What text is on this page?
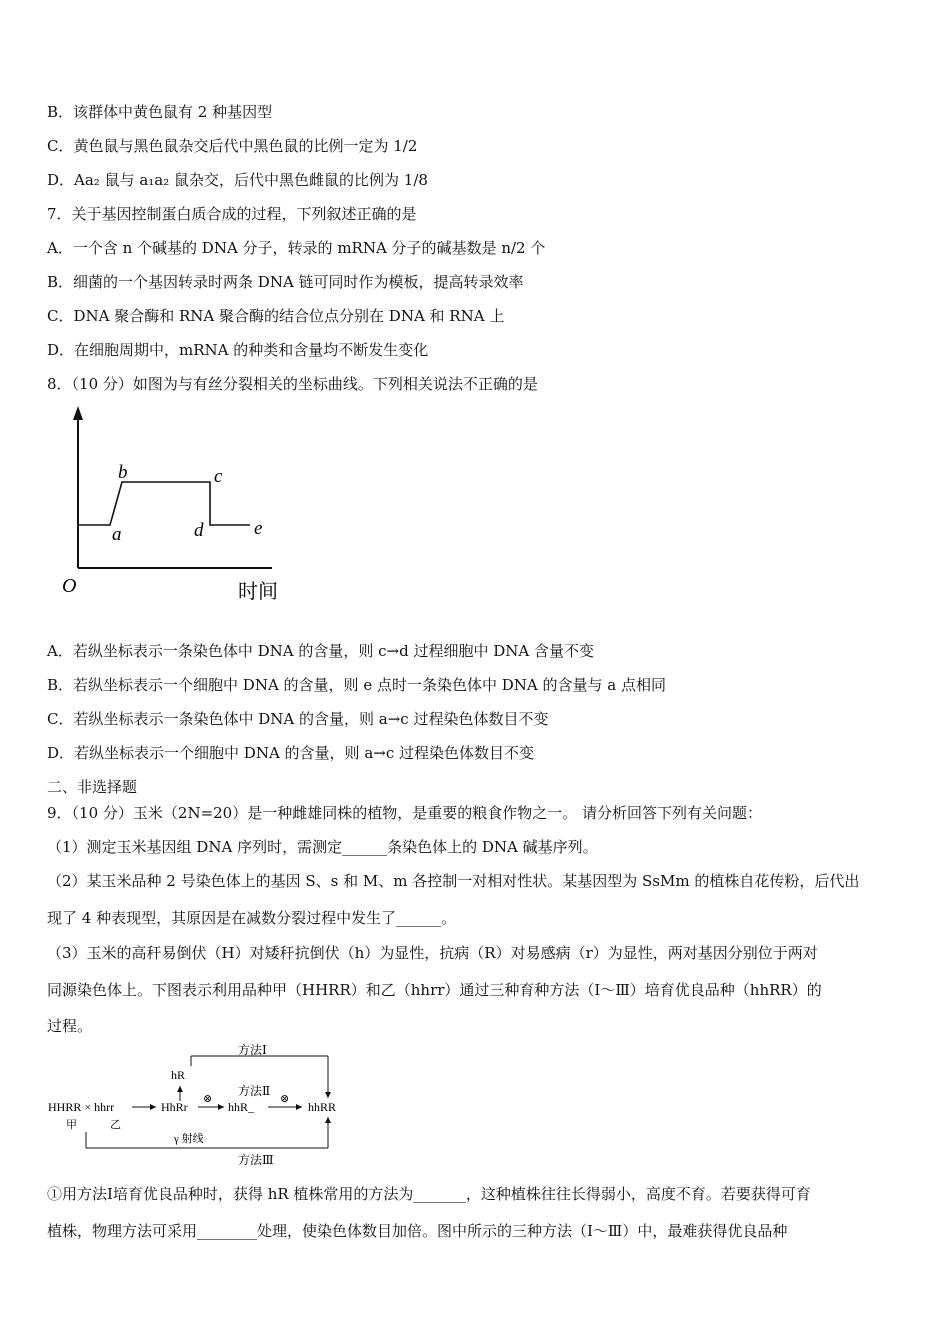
B．该群体中黄色鼠有 2 种基因型
C．黄色鼠与黑色鼠杂交后代中黑色鼠的比例一定为 1/2
D．Aa₂ 鼠与 a₁a₂ 鼠杂交，后代中黑色雌鼠的比例为 1/8
7．关于基因控制蛋白质合成的过程，下列叙述正确的是
A．一个含 n 个碱基的 DNA 分子，转录的 mRNA 分子的碱基数是 n/2 个
B．细菌的一个基因转录时两条 DNA 链可同时作为模板，提高转录效率
C．DNA 聚合酶和 RNA 聚合酶的结合位点分别在 DNA 和 RNA 上
D．在细胞周期中，mRNA 的种类和含量均不断发生变化
8．（10 分）如图为与有丝分裂相关的坐标曲线。下列相关说法不正确的是
O	时间
a
b	c
d	e
A．若纵坐标表示一条染色体中 DNA 的含量，则 c→d 过程细胞中 DNA 含量不变
B．若纵坐标表示一个细胞中 DNA 的含量，则 e 点时一条染色体中 DNA 的含量与 a 点相同
C．若纵坐标表示一条染色体中 DNA 的含量，则 a→c 过程染色体数目不变
D．若纵坐标表示一个细胞中 DNA 的含量，则 a→c 过程染色体数目不变
二、非选择题
9．（10 分）玉米（2N=20）是一种雌雄同株的植物，是重要的粮食作物之一。 请分析回答下列有关问题：
（1）测定玉米基因组 DNA 序列时，需测定______条染色体上的 DNA 碱基序列。
（2）某玉米品种 2 号染色体上的基因 S、s 和 M、m 各控制一对相对性状。某基因型为 SsMm 的植株自花传粉，后代出
现了 4 种表现型，其原因是在减数分裂过程中发生了______。
（3）玉米的高秆易倒伏（H）对矮秆抗倒伏（h）为显性，抗病（R）对易感病（r）为显性，两对基因分别位于两对
同源染色体上。下图表示利用品种甲（HHRR）和乙（hhrr）通过三种育种方法（Ⅰ～Ⅲ）培育优良品种（hhRR）的
过程。
方法Ⅰ
hR
HHRR × hhrr	HhRr
⊗
方法Ⅱ
hhR_
⊗
hhRR
甲	乙
γ 射线
方法Ⅲ
①用方法Ⅰ培育优良品种时，获得 hR 植株常用的方法为_______，这种植株往往长得弱小，高度不育。若要获得可育
植株，物理方法可采用________处理，使染色体数目加倍。图中所示的三种方法（Ⅰ～Ⅲ）中，最难获得优良品种
